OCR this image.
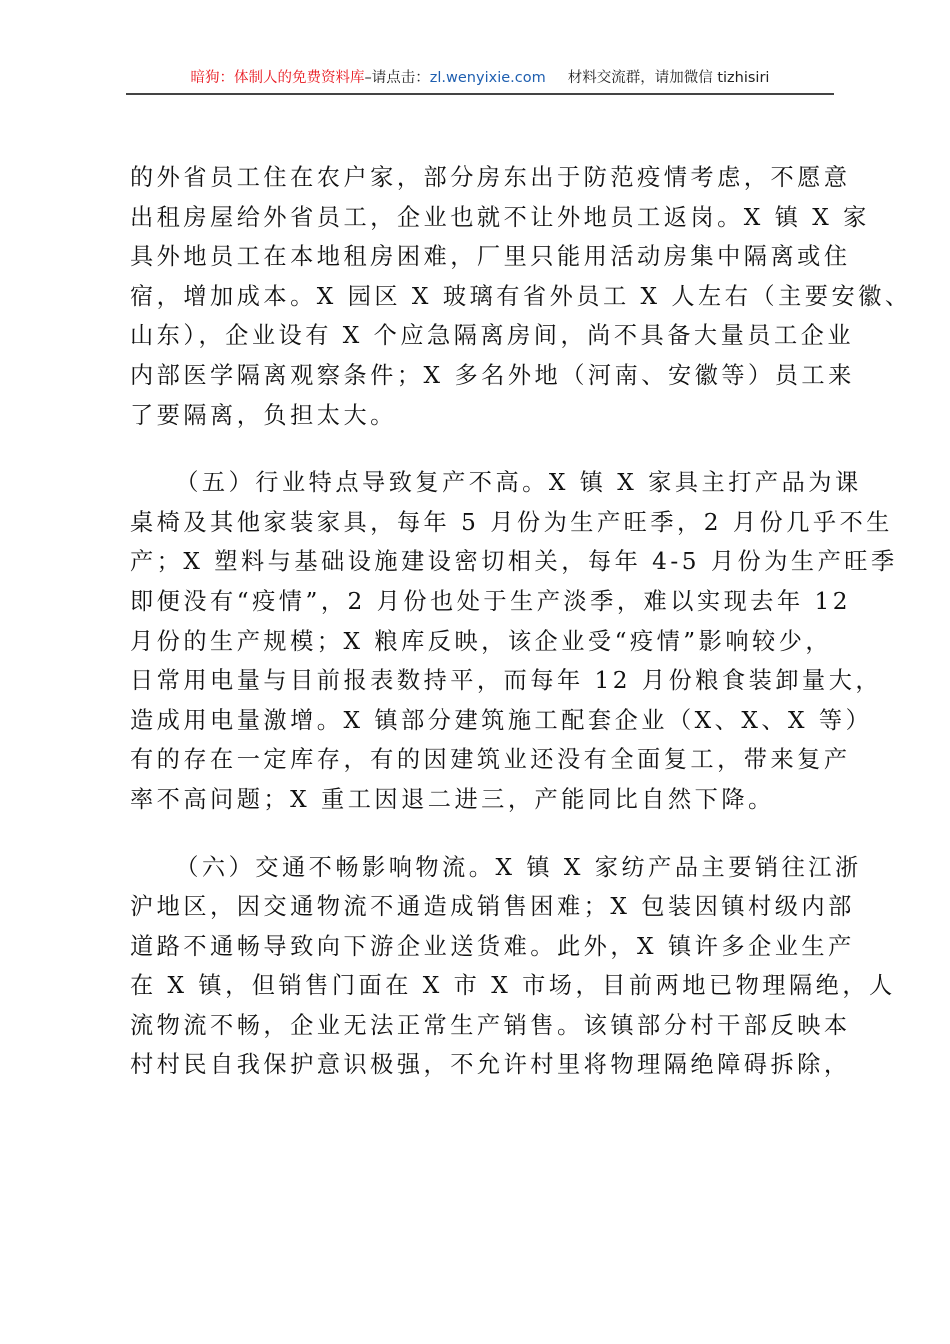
暗狗：体制人的免费资料库–请点击：zl.wenyixie.com 材料交流群，请加微信 tizhisiri

的外省员工住在农户家，部分房东出于防范疫情考虑，不愿意
出租房屋给外省员工，企业也就不让外地员工返岗。X 镇 X 家
具外地员工在本地租房困难，厂里只能用活动房集中隔离或住
宿，增加成本。X 园区 X 玻璃有省外员工 X 人左右（主要安徽、
山东），企业设有 X 个应急隔离房间，尚不具备大量员工企业
内部医学隔离观察条件；X 多名外地（河南、安徽等）员工来
了要隔离，负担太大。

（五）行业特点导致复产不高。X 镇 X 家具主打产品为课
桌椅及其他家装家具，每年 5 月份为生产旺季，2 月份几乎不生
产；X 塑料与基础设施建设密切相关，每年 4-5 月份为生产旺季
即便没有“疫情”，2 月份也处于生产淡季，难以实现去年 12
月份的生产规模；X 粮库反映，该企业受“疫情”影响较少，
日常用电量与目前报表数持平，而每年 12 月份粮食装卸量大，
造成用电量激增。X 镇部分建筑施工配套企业（X、X、X 等）
有的存在一定库存，有的因建筑业还没有全面复工，带来复产
率不高问题；X 重工因退二进三，产能同比自然下降。

（六）交通不畅影响物流。X 镇 X 家纺产品主要销往江浙
沪地区，因交通物流不通造成销售困难；X 包装因镇村级内部
道路不通畅导致向下游企业送货难。此外，X 镇许多企业生产
在 X 镇，但销售门面在 X 市 X 市场，目前两地已物理隔绝，人
流物流不畅，企业无法正常生产销售。该镇部分村干部反映本
村村民自我保护意识极强，不允许村里将物理隔绝障碍拆除，
